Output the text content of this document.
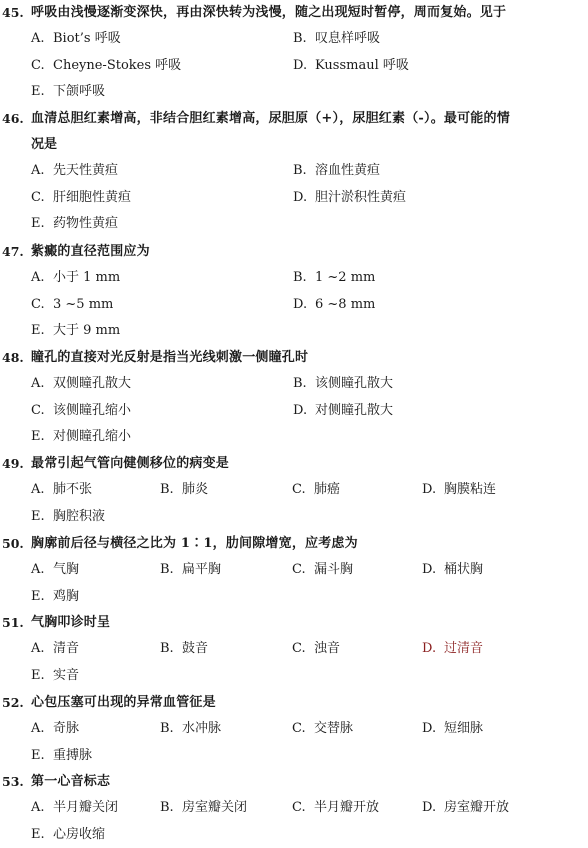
45. 呼吸由浅慢逐渐变深快，再由深快转为浅慢，随之出现短时暂停，周而复始。见于
A. Biot’s 呼吸	B. 叹息样呼吸
C. Cheyne-Stokes 呼吸	D. Kussmaul 呼吸
E. 下颌呼吸
46. 血清总胆红素增高，非结合胆红素增高，尿胆原（+），尿胆红素（-）。最可能的情
况是
A. 先天性黄疸	B. 溶血性黄疸
C. 肝细胞性黄疸	D. 胆汁淤积性黄疸
E. 药物性黄疸
47. 紫癜的直径范围应为
A. 小于 1 mm	B. 1 ~2 mm
C. 3 ~5 mm	D. 6 ~8 mm
E. 大于 9 mm
48. 瞳孔的直接对光反射是指当光线刺激一侧瞳孔时
A. 双侧瞳孔散大	B. 该侧瞳孔散大
C. 该侧瞳孔缩小	D. 对侧瞳孔散大
E. 对侧瞳孔缩小
49. 最常引起气管向健侧移位的病变是
A. 肺不张	B. 肺炎	C. 肺癌	D. 胸膜粘连
E. 胸腔积液
50. 胸廓前后径与横径之比为 1∶1，肋间隙增宽，应考虑为
A. 气胸	B. 扁平胸	C. 漏斗胸	D. 桶状胸
E. 鸡胸
51. 气胸叩诊时呈
A. 清音	B. 鼓音	C. 浊音	D. 过清音
E. 实音
52. 心包压塞可出现的异常血管征是
A. 奇脉	B. 水冲脉	C. 交替脉	D. 短细脉
E. 重搏脉
53. 第一心音标志
A. 半月瓣关闭	B. 房室瓣关闭	C. 半月瓣开放	D. 房室瓣开放
E. 心房收缩
